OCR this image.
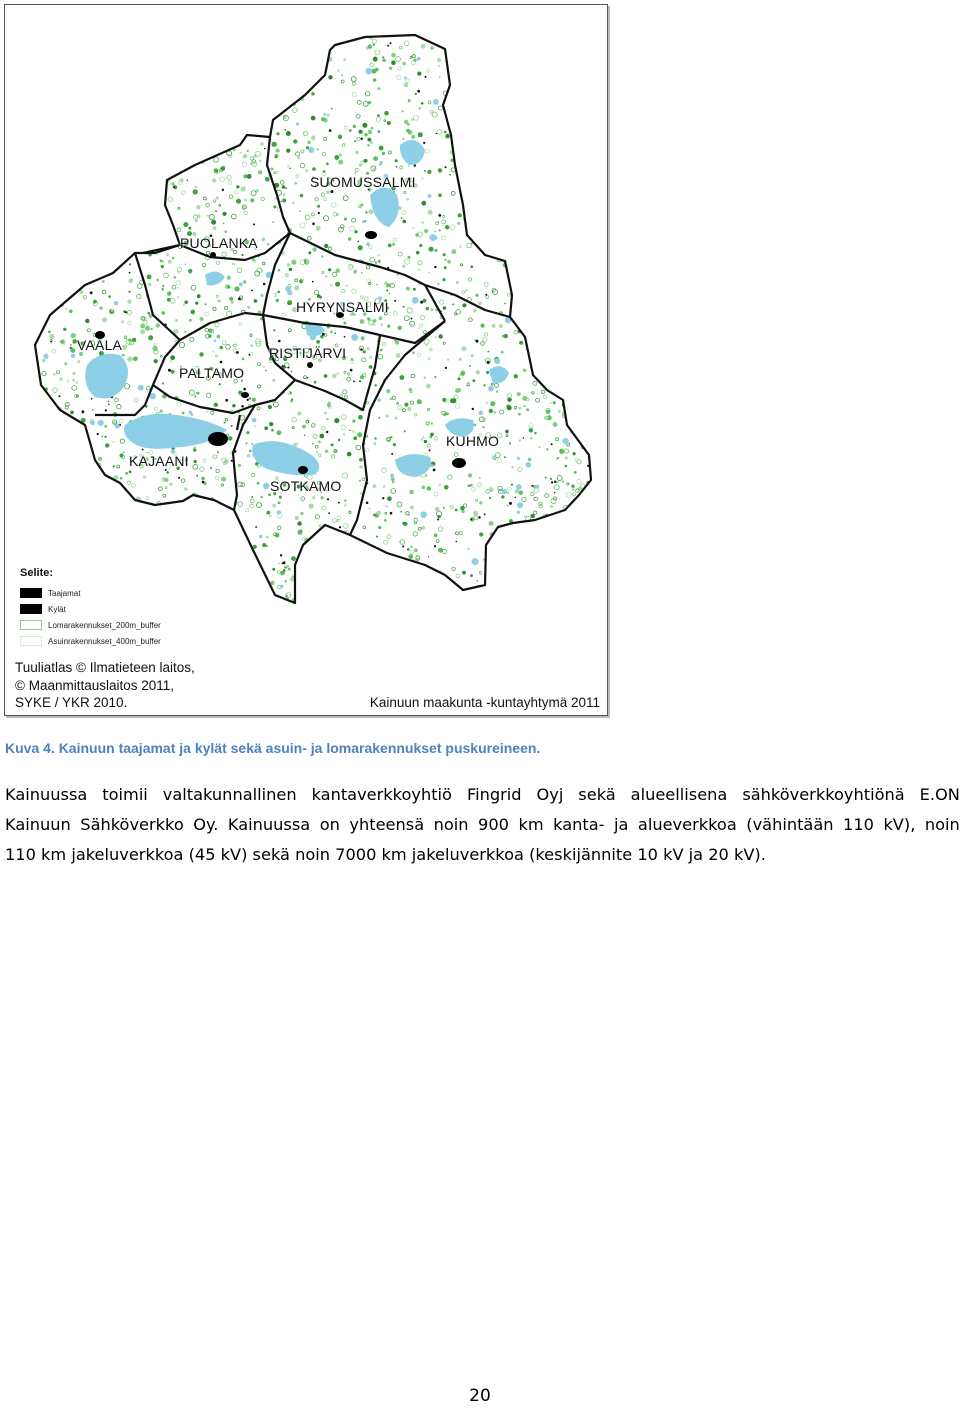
SUOMUSSALMI
PUOLANKA
HYRYNSALMI
VAALA	RISTIJÄRVI
PALTAMO
KUHMO
KAJAANI
SOTKAMO
Selite:
Taajamat
Kylät
Lomarakennukset_200m_buffer
Asuinrakennukset_400m_buffer
Tuuliatlas © Ilmatieteen laitos,
© Maanmittauslaitos 2011,
SYKE / YKR 2010.	Kainuun maakunta -kuntayhtymä 2011
Kuva 4. Kainuun taajamat ja kylät sekä asuin- ja lomarakennukset puskureineen.
Kainuussa toimii valtakunnallinen kantaverkkoyhtiö Fingrid Oyj sekä alueellisena sähköverkkoyhtiönä E.ON
Kainuun Sähköverkko Oy. Kainuussa on yhteensä noin 900 km kanta- ja alueverkkoa (vähintään 110 kV), noin
110 km jakeluverkkoa (45 kV) sekä noin 7000 km jakeluverkkoa (keskijännite 10 kV ja 20 kV).
20
